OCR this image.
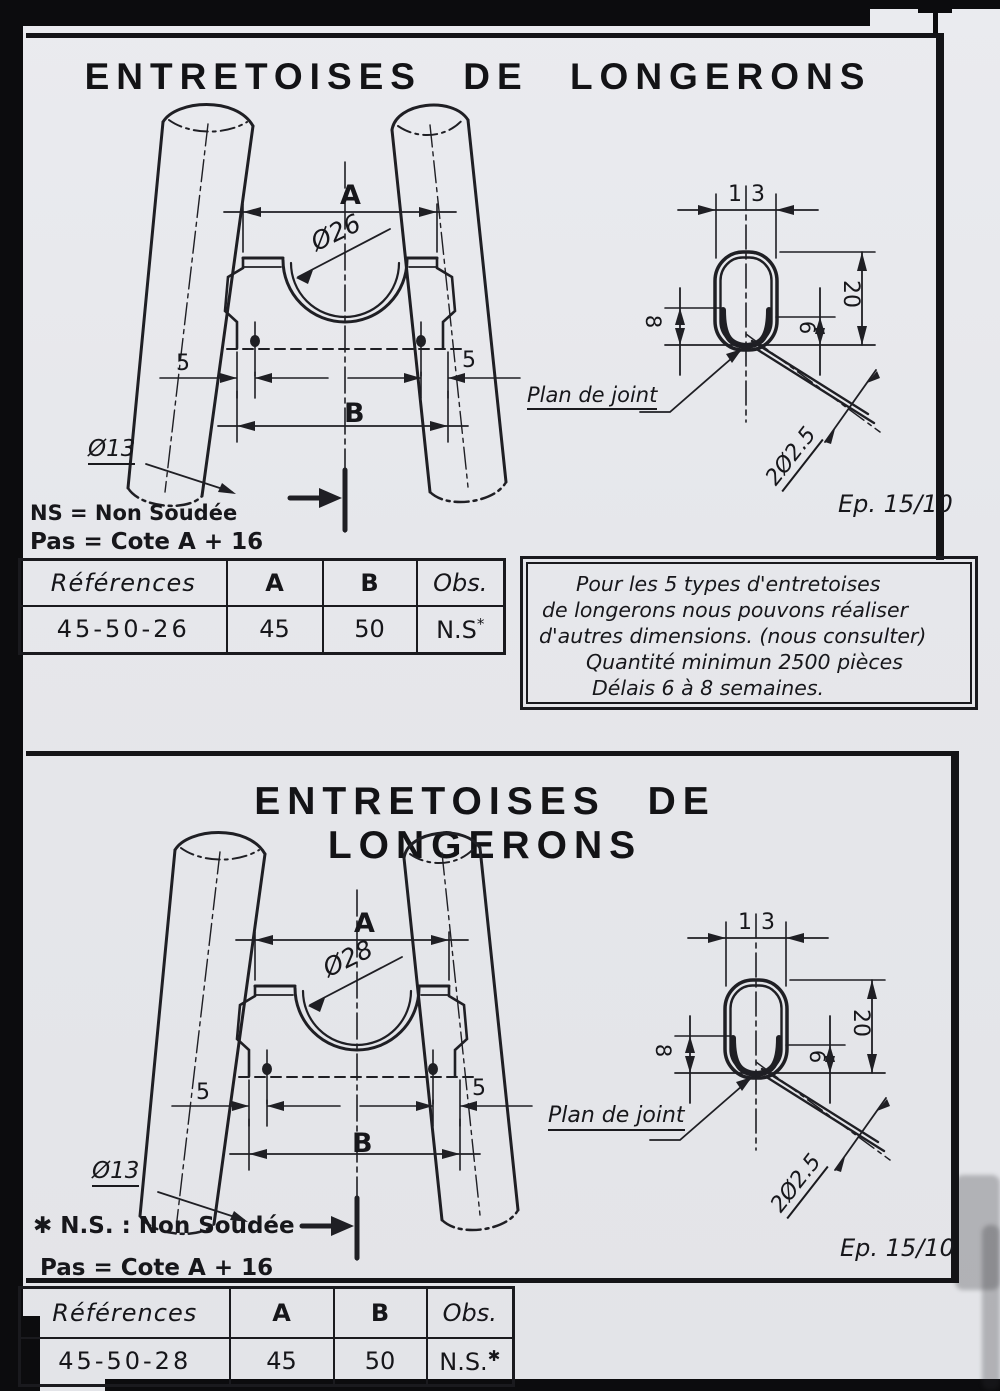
ENTRETOISES DE LONGERONS
A
Ø26
B
5	5
Ø13
13
20
8	6
Plan de joint
2Ø2.5
Ep. 15/10
NS = Non Soudée
Pas = Cote A + 16
Références	A	B	Obs.
45-50-26	45	50	N.S*
Pour les 5 types d'entretoises
de longerons nous pouvons réaliser
d'autres dimensions. (nous consulter)
Quantité minimun 2500 pièces
Délais 6 à 8 semaines.
ENTRETOISES DE LONGERONS
A
Ø28
B
5	5
Ø13
13
20
8	6
Plan de joint
2Ø2.5
Ep. 15/10
✱ N.S. : Non Soudée
Pas = Cote A + 16
Références	A	B	Obs.
45-50-28	45	50	N.S.✱
